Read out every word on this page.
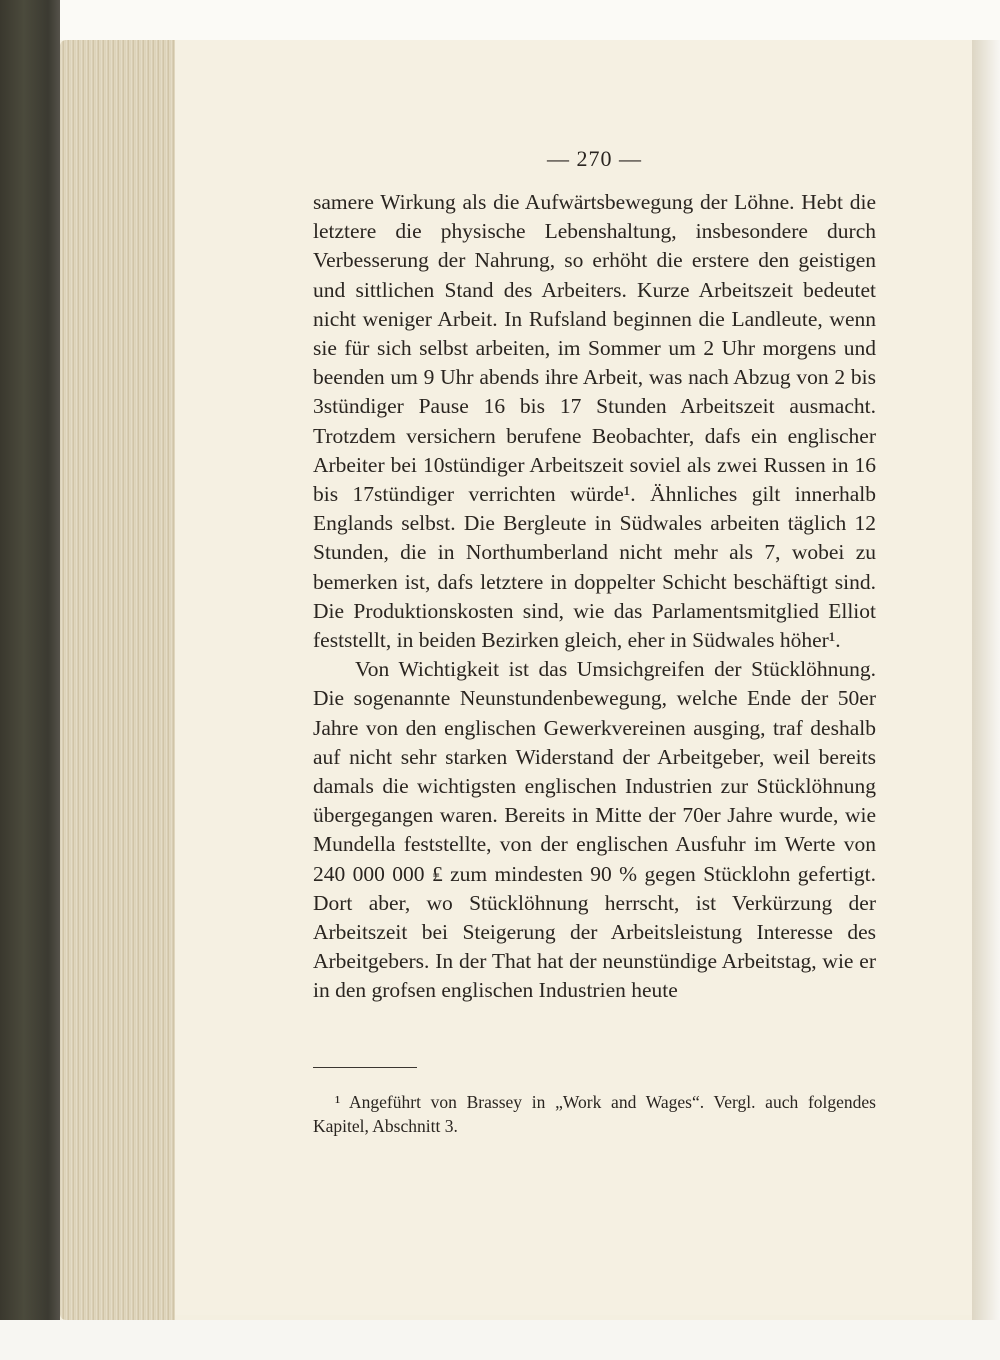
— 270 —

samere Wirkung als die Aufwärtsbewegung der Löhne. Hebt die letztere die physische Lebenshaltung, insbesondere durch Verbesserung der Nahrung, so erhöht die erstere den geistigen und sittlichen Stand des Arbeiters. Kurze Arbeitszeit bedeutet nicht weniger Arbeit. In Rufsland beginnen die Landleute, wenn sie für sich selbst arbeiten, im Sommer um 2 Uhr morgens und beenden um 9 Uhr abends ihre Arbeit, was nach Abzug von 2 bis 3stündiger Pause 16 bis 17 Stunden Arbeitszeit ausmacht. Trotzdem versichern berufene Beobachter, dafs ein englischer Arbeiter bei 10stündiger Arbeitszeit soviel als zwei Russen in 16 bis 17stündiger verrichten würde¹. Ähnliches gilt innerhalb Englands selbst. Die Bergleute in Südwales arbeiten täglich 12 Stunden, die in Northumberland nicht mehr als 7, wobei zu bemerken ist, dafs letztere in doppelter Schicht beschäftigt sind. Die Produktionskosten sind, wie das Parlamentsmitglied Elliot feststellt, in beiden Bezirken gleich, eher in Südwales höher¹.

Von Wichtigkeit ist das Umsichgreifen der Stücklöhnung. Die sogenannte Neunstundenbewegung, welche Ende der 50er Jahre von den englischen Gewerkvereinen ausging, traf deshalb auf nicht sehr starken Widerstand der Arbeitgeber, weil bereits damals die wichtigsten englischen Industrien zur Stücklöhnung übergegangen waren. Bereits in Mitte der 70er Jahre wurde, wie Mundella feststellte, von der englischen Ausfuhr im Werte von 240 000 000 ₤ zum mindesten 90 % gegen Stücklohn gefertigt. Dort aber, wo Stücklöhnung herrscht, ist Verkürzung der Arbeitszeit bei Steigerung der Arbeitsleistung Interesse des Arbeitgebers. In der That hat der neunstündige Arbeitstag, wie er in den grofsen englischen Industrien heute

¹ Angeführt von Brassey in „Work and Wages“. Vergl. auch folgendes Kapitel, Abschnitt 3.
